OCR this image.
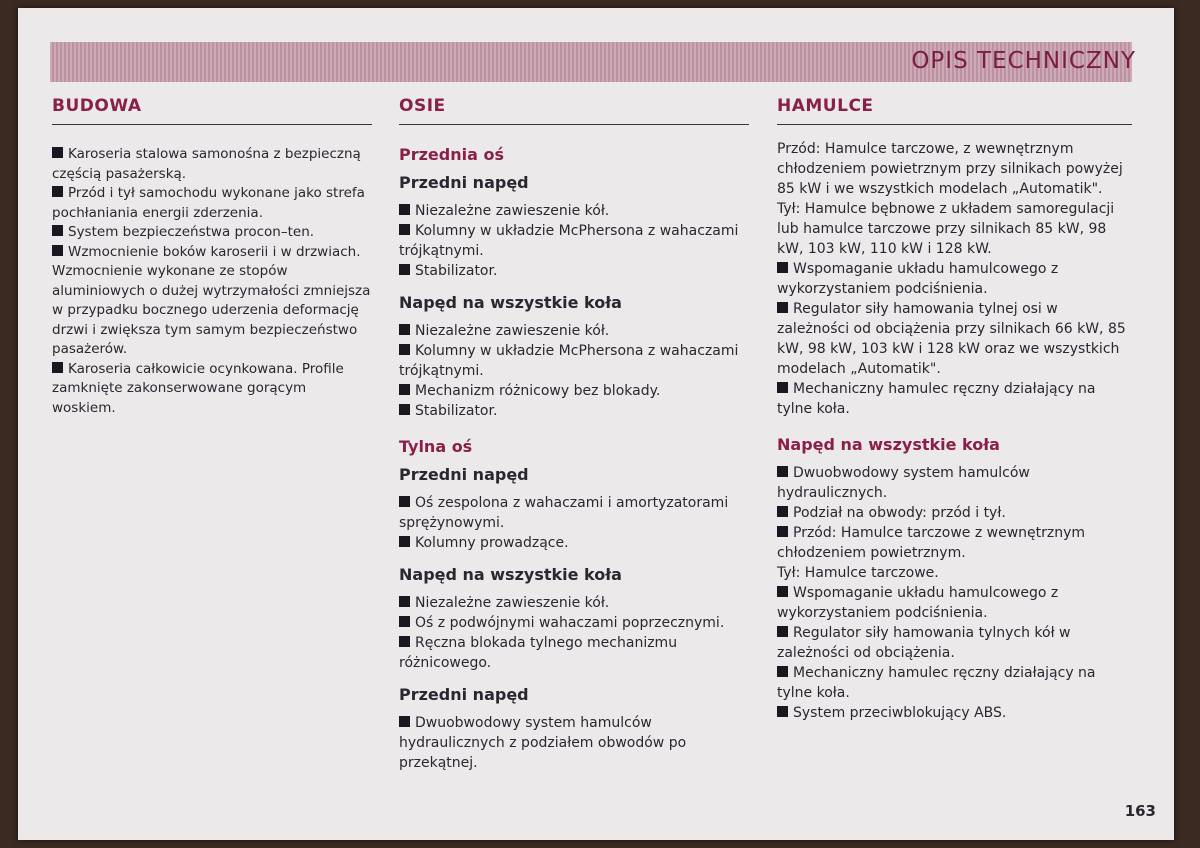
OPIS TECHNICZNY
BUDOWA

Karoseria stalowa samonośna z bezpieczną częścią pasażerską.

Przód i tył samochodu wykonane jako strefa pochłaniania energii zderzenia.

System bezpieczeństwa procon–ten.

Wzmocnienie boków karoserii i w drzwiach. Wzmocnienie wykonane ze stopów aluminiowych o dużej wytrzymałości zmniejsza w przypadku bocznego uderzenia deformację drzwi i zwiększa tym samym bezpieczeństwo pasażerów.

Karoseria całkowicie ocynkowana. Profile zamknięte zakonserwowane gorącym woskiem.

OSIE
Przednia oś
Przedni napęd

Niezależne zawieszenie kół.

Kolumny w układzie McPhersona z wahaczami trójkątnymi.

Stabilizator.

Napęd na wszystkie koła

Niezależne zawieszenie kół.

Kolumny w układzie McPhersona z wahaczami trójkątnymi.

Mechanizm różnicowy bez blokady.

Stabilizator.

Tylna oś
Przedni napęd

Oś zespolona z wahaczami i amortyzatorami sprężynowymi.

Kolumny prowadzące.

Napęd na wszystkie koła

Niezależne zawieszenie kół.

Oś z podwójnymi wahaczami poprzecznymi.

Ręczna blokada tylnego mechanizmu różnicowego.

Przedni napęd

Dwuobwodowy system hamulców hydraulicznych z podziałem obwodów po przekątnej.

HAMULCE

Przód: Hamulce tarczowe, z wewnętrznym chłodzeniem powietrznym przy silnikach powyżej 85 kW i we wszystkich modelach „Automatik".

Tył: Hamulce bębnowe z układem samoregulacji lub hamulce tarczowe przy silnikach 85 kW, 98 kW, 103 kW, 110 kW i 128 kW.

Wspomaganie układu hamulcowego z wykorzystaniem podciśnienia.

Regulator siły hamowania tylnej osi w zależności od obciążenia przy silnikach 66 kW, 85 kW, 98 kW, 103 kW i 128 kW oraz we wszystkich modelach „Automatik".

Mechaniczny hamulec ręczny działający na tylne koła.

Napęd na wszystkie koła

Dwuobwodowy system hamulców hydraulicznych.

Podział na obwody: przód i tył.

Przód: Hamulce tarczowe z wewnętrznym chłodzeniem powietrznym.

Tył: Hamulce tarczowe.

Wspomaganie układu hamulcowego z wykorzystaniem podciśnienia.

Regulator siły hamowania tylnych kół w zależności od obciążenia.

Mechaniczny hamulec ręczny działający na tylne koła.

System przeciwblokujący ABS.

163
